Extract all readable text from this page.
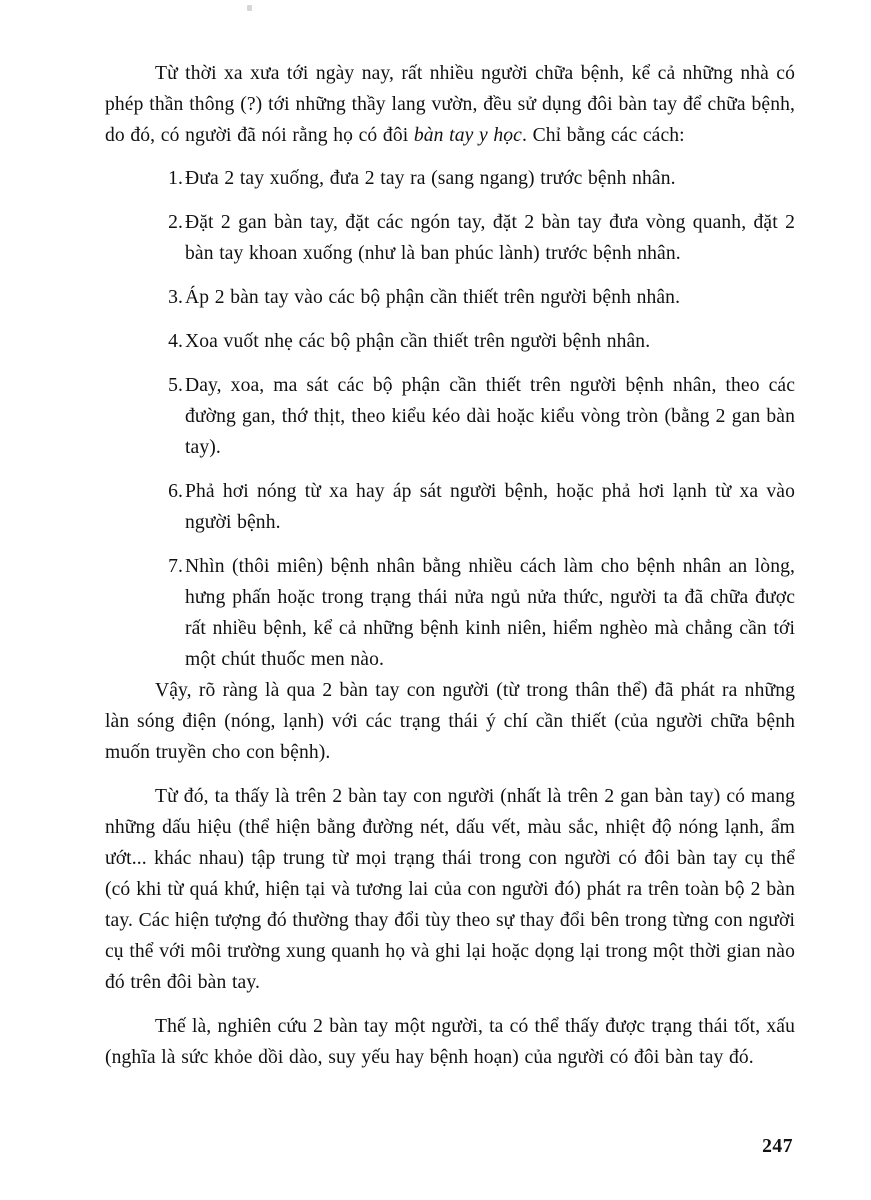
Từ thời xa xưa tới ngày nay, rất nhiều người chữa bệnh, kể cả những nhà có phép thần thông (?) tới những thầy lang vườn, đều sử dụng đôi bàn tay để chữa bệnh, do đó, có người đã nói rằng họ có đôi bàn tay y học. Chỉ bằng các cách:

1. Đưa 2 tay xuống, đưa 2 tay ra (sang ngang) trước bệnh nhân.
2. Đặt 2 gan bàn tay, đặt các ngón tay, đặt 2 bàn tay đưa vòng quanh, đặt 2 bàn tay khoan xuống (như là ban phúc lành) trước bệnh nhân.
3. Áp 2 bàn tay vào các bộ phận cần thiết trên người bệnh nhân.
4. Xoa vuốt nhẹ các bộ phận cần thiết trên người bệnh nhân.
5. Day, xoa, ma sát các bộ phận cần thiết trên người bệnh nhân, theo các đường gan, thớ thịt, theo kiểu kéo dài hoặc kiểu vòng tròn (bằng 2 gan bàn tay).
6. Phả hơi nóng từ xa hay áp sát người bệnh, hoặc phả hơi lạnh từ xa vào người bệnh.
7. Nhìn (thôi miên) bệnh nhân bằng nhiều cách làm cho bệnh nhân an lòng, hưng phấn hoặc trong trạng thái nửa ngủ nửa thức, người ta đã chữa được rất nhiều bệnh, kể cả những bệnh kinh niên, hiểm nghèo mà chẳng cần tới một chút thuốc men nào.

Vậy, rõ ràng là qua 2 bàn tay con người (từ trong thân thể) đã phát ra những làn sóng điện (nóng, lạnh) với các trạng thái ý chí cần thiết (của người chữa bệnh muốn truyền cho con bệnh).

Từ đó, ta thấy là trên 2 bàn tay con người (nhất là trên 2 gan bàn tay) có mang những dấu hiệu (thể hiện bằng đường nét, dấu vết, màu sắc, nhiệt độ nóng lạnh, ẩm ướt... khác nhau) tập trung từ mọi trạng thái trong con người có đôi bàn tay cụ thể (có khi từ quá khứ, hiện tại và tương lai của con người đó) phát ra trên toàn bộ 2 bàn tay. Các hiện tượng đó thường thay đổi tùy theo sự thay đổi bên trong từng con người cụ thể với môi trường xung quanh họ và ghi lại hoặc dọng lại trong một thời gian nào đó trên đôi bàn tay.

Thế là, nghiên cứu 2 bàn tay một người, ta có thể thấy được trạng thái tốt, xấu (nghĩa là sức khỏe dồi dào, suy yếu hay bệnh hoạn) của người có đôi bàn tay đó.

247
